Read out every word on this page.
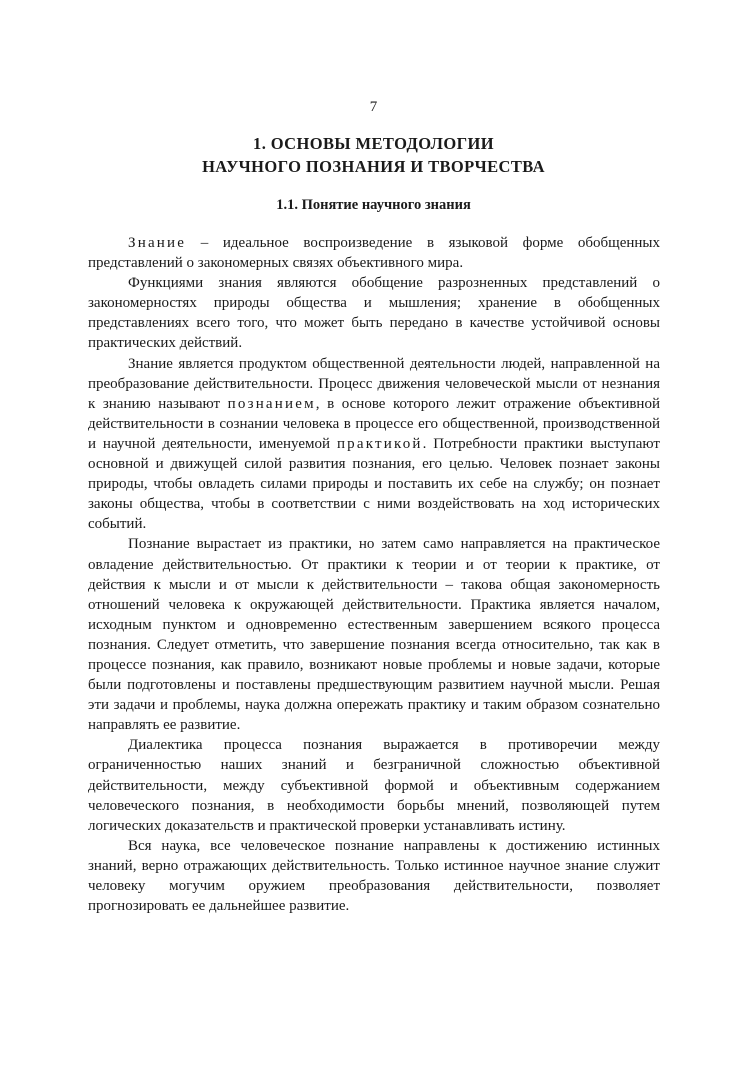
7
1. ОСНОВЫ МЕТОДОЛОГИИ
НАУЧНОГО ПОЗНАНИЯ И ТВОРЧЕСТВА
1.1. Понятие научного знания

Знание – идеальное воспроизведение в языковой форме обобщенных представлений о закономерных связях объективного мира.

Функциями знания являются обобщение разрозненных представлений о закономерностях природы общества и мышления; хранение в обобщенных представлениях всего того, что может быть передано в качестве устойчивой основы практических действий.

Знание является продуктом общественной деятельности людей, направленной на преобразование действительности. Процесс движения человеческой мысли от незнания к знанию называют познанием, в основе которого лежит отражение объективной действительности в сознании человека в процессе его общественной, производственной и научной деятельности, именуемой практикой. Потребности практики выступают основной и движущей силой развития познания, его целью. Человек познает законы природы, чтобы овладеть силами природы и поставить их себе на службу; он познает законы общества, чтобы в соответствии с ними воздействовать на ход исторических событий.

Познание вырастает из практики, но затем само направляется на практическое овладение действительностью. От практики к теории и от теории к практике, от действия к мысли и от мысли к действительности – такова общая закономерность отношений человека к окружающей действительности. Практика является началом, исходным пунктом и одновременно естественным завершением всякого процесса познания. Следует отметить, что завершение познания всегда относительно, так как в процессе познания, как правило, возникают новые проблемы и новые задачи, которые были подготовлены и поставлены предшествующим развитием научной мысли. Решая эти задачи и проблемы, наука должна опережать практику и таким образом сознательно направлять ее развитие.

Диалектика процесса познания выражается в противоречии между ограниченностью наших знаний и безграничной сложностью объективной действительности, между субъективной формой и объективным содержанием человеческого познания, в необходимости борьбы мнений, позволяющей путем логических доказательств и практической проверки устанавливать истину.

Вся наука, все человеческое познание направлены к достижению истинных знаний, верно отражающих действительность. Только истинное научное знание служит человеку могучим оружием преобразования действительности, позволяет прогнозировать ее дальнейшее развитие.
